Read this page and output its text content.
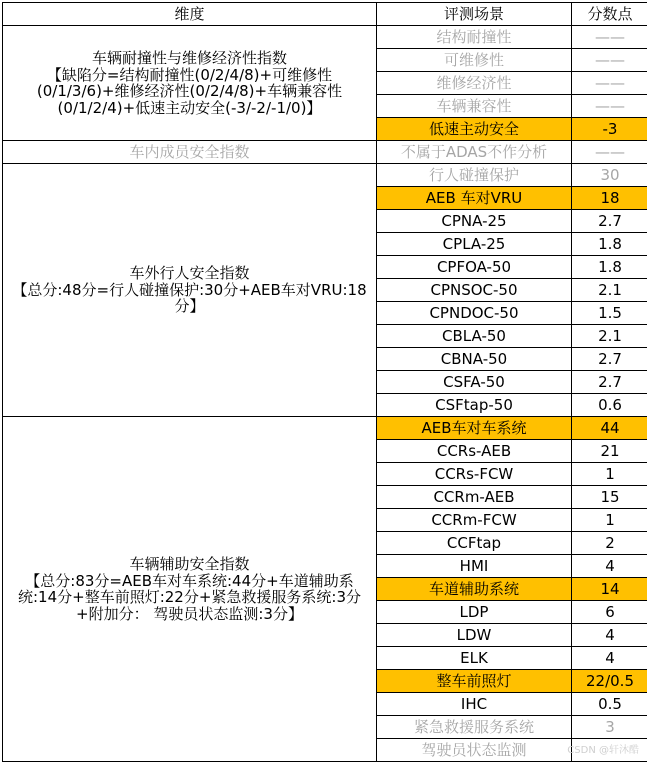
维度	评测场景	分数点

车辆耐撞性与维修经济性指数
【缺陷分=结构耐撞性(0/2/4/8)+可维修性(0/1/3/6)+维修经济性(0/2/4/8)+车辆兼容性(0/1/2/4)+低速主动安全(-3/-2/-1/0)】	结构耐撞性	——
	可维修性	——
	维修经济性	——
	车辆兼容性	——
	低速主动安全	-3

车内成员安全指数	不属于ADAS不作分析	——

车外行人安全指数
【总分:48分=行人碰撞保护:30分+AEB车对VRU:18分】	行人碰撞保护	30
	AEB 车对VRU	18
	CPNA-25	2.7
	CPLA-25	1.8
	CPFOA-50	1.8
	CPNSOC-50	2.1
	CPNDOC-50	1.5
	CBLA-50	2.1
	CBNA-50	2.7
	CSFA-50	2.7
	CSFtap-50	0.6

车辆辅助安全指数
【总分:83分=AEB车对车系统:44分+车道辅助系统:14分+整车前照灯:22分+紧急救援服务系统:3分+附加分： 驾驶员状态监测:3分】	AEB车对车系统	44
	CCRs-AEB	21
	CCRs-FCW	1
	CCRm-AEB	15
	CCRm-FCW	1
	CCFtap	2
	HMI	4
	车道辅助系统	14
	LDP	6
	LDW	4
	ELK	4
	整车前照灯	22/0.5
	IHC	0.5
	紧急救援服务系统	3
	驾驶员状态监测		CSDN @轩沐酷
